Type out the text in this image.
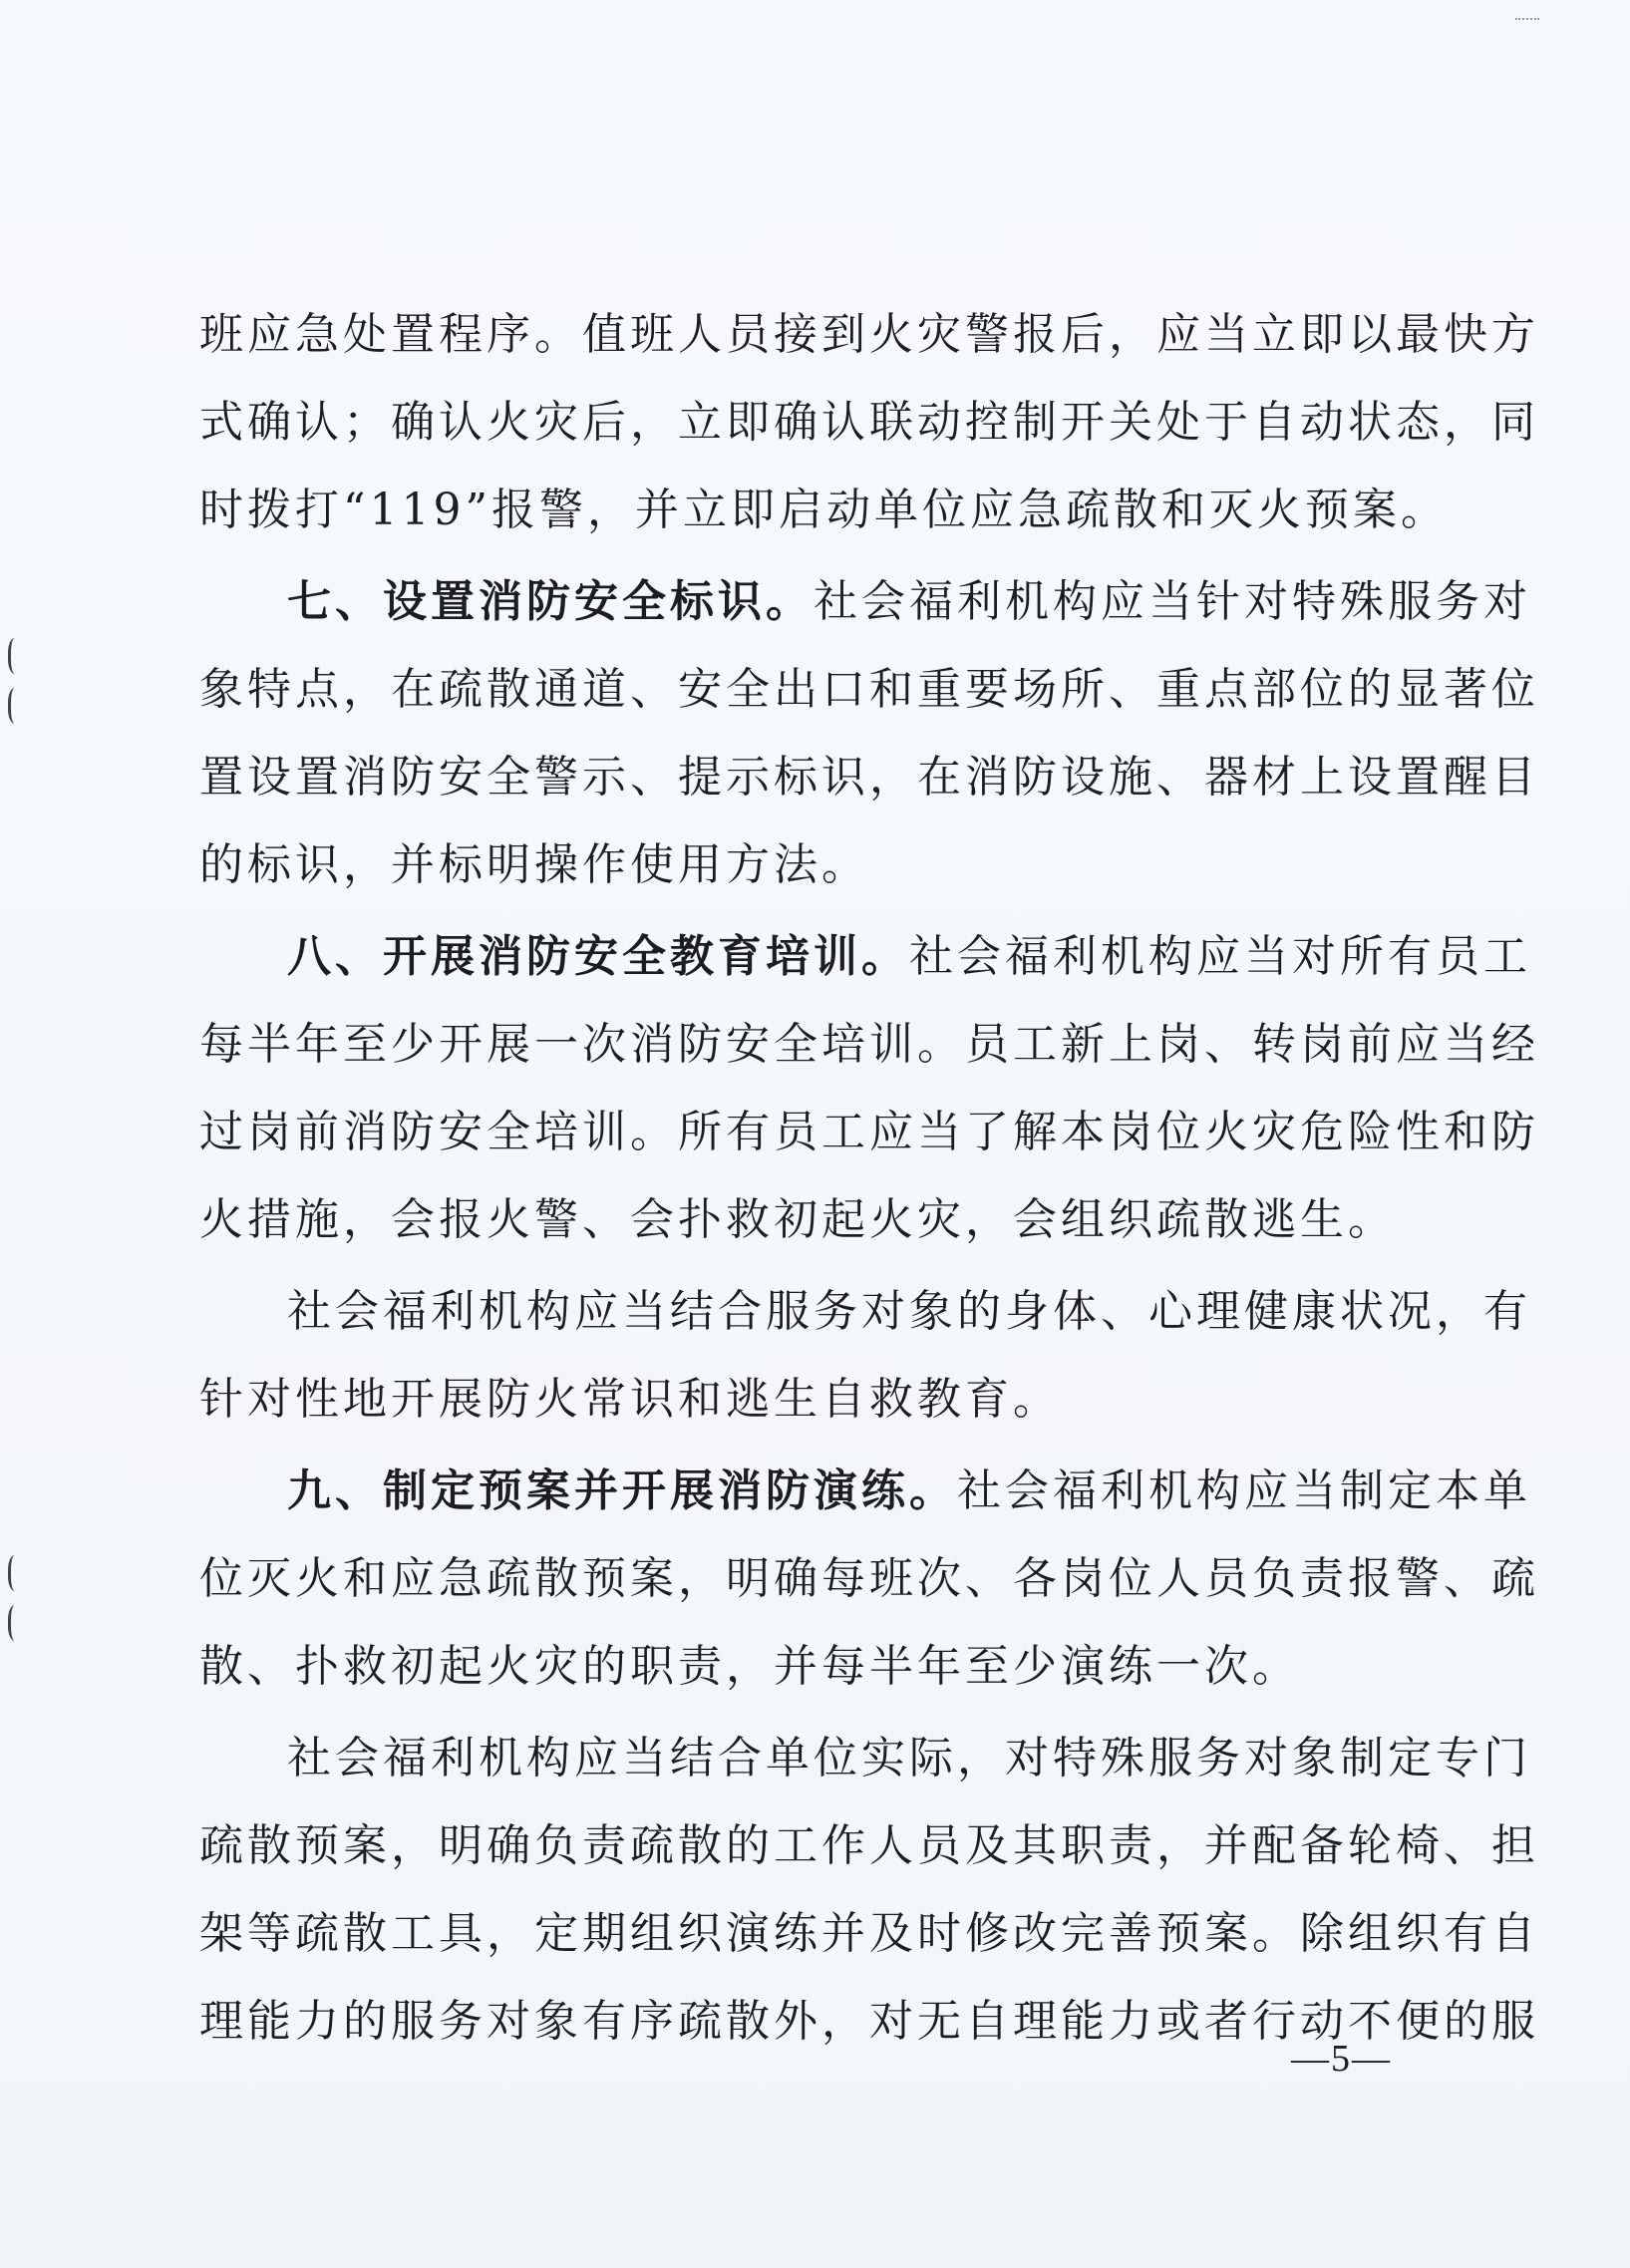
班应急处置程序。值班人员接到火灾警报后，应当立即以最快方
式确认；确认火灾后，立即确认联动控制开关处于自动状态，同
时拨打“119”报警，并立即启动单位应急疏散和灭火预案。
七、设置消防安全标识。社会福利机构应当针对特殊服务对
象特点，在疏散通道、安全出口和重要场所、重点部位的显著位
置设置消防安全警示、提示标识，在消防设施、器材上设置醒目
的标识，并标明操作使用方法。
八、开展消防安全教育培训。社会福利机构应当对所有员工
每半年至少开展一次消防安全培训。员工新上岗、转岗前应当经
过岗前消防安全培训。所有员工应当了解本岗位火灾危险性和防
火措施，会报火警、会扑救初起火灾，会组织疏散逃生。
社会福利机构应当结合服务对象的身体、心理健康状况，有
针对性地开展防火常识和逃生自救教育。
九、制定预案并开展消防演练。社会福利机构应当制定本单
位灭火和应急疏散预案，明确每班次、各岗位人员负责报警、疏
散、扑救初起火灾的职责，并每半年至少演练一次。
社会福利机构应当结合单位实际，对特殊服务对象制定专门
疏散预案，明确负责疏散的工作人员及其职责，并配备轮椅、担
架等疏散工具，定期组织演练并及时修改完善预案。除组织有自
理能力的服务对象有序疏散外，对无自理能力或者行动不便的服
—5—
